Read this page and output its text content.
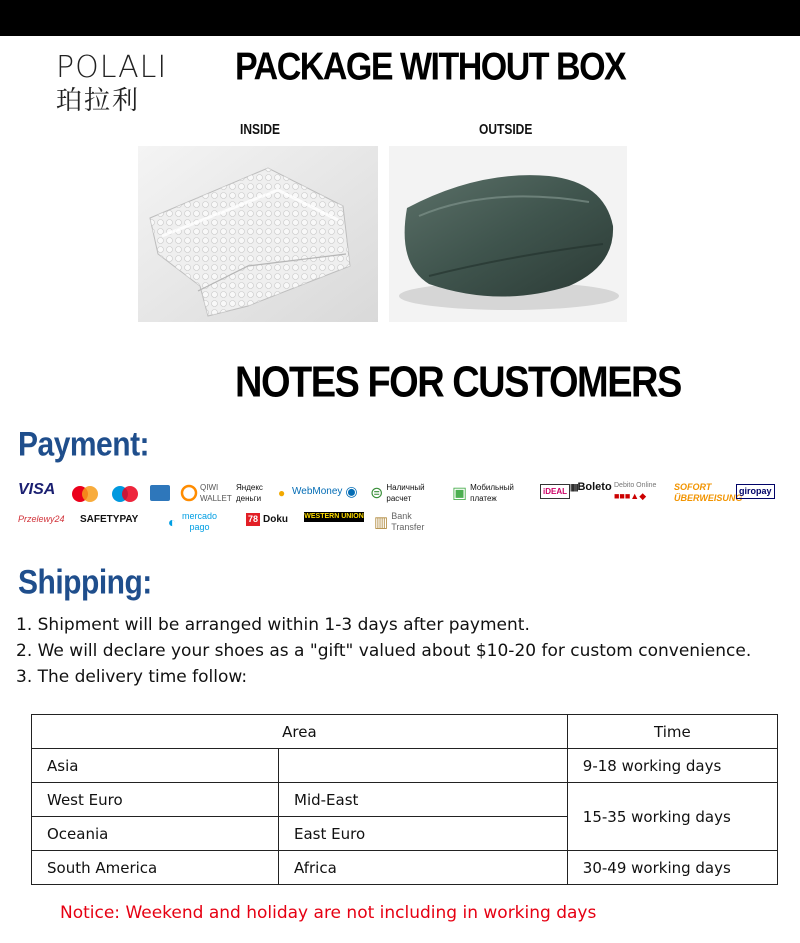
POLALI
珀拉利
PACKAGE WITHOUT BOX
INSIDE	OUTSIDE
NOTES FOR CUSTOMERS
Payment:
VISA	QIWI WALLET
Яндекс деньги	● WebMoney ◉ ⊜ Наличный расчет	▣ Мобильный платеж
iDEAL |||||| Boleto Debito Online
■■■▲◆
SOFORT ÜBERWEISUNG
giropay
Przelewy24 SAFETYPAY ◐ mercado pago
78 Doku WESTERN UNION ▥ Bank Transfer
Shipping:
1. Shipment will be arranged within 1-3 days after payment.
2. We will declare your shoes as a "gift" valued about $10-20 for custom convenience.
3. The delivery time follow:
Area		Time
Asia		9-18 working days
West Euro	Mid-East	15-35 working days
Oceania	East Euro	
South America	Africa	30-49 working days
Notice: Weekend and holiday are not including in working days
